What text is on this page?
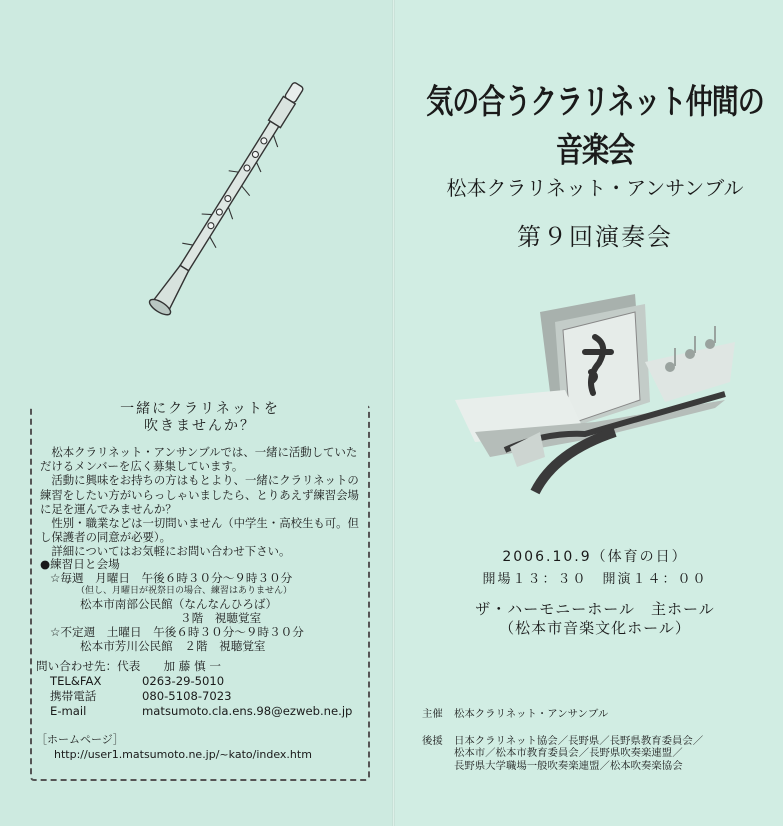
一緒にクラリネットを
吹きませんか？

松本クラリネット・アンサンブルでは、一緒に活動していただけるメンバーを広く募集しています。

活動に興味をお持ちの方はもとより、一緒にクラリネットの練習をしたい方がいらっしゃいましたら、とりあえず練習会場に足を運んでみませんか？

性別・職業などは一切問いません（中学生・高校生も可。但し保護者の同意が必要）。

詳細についてはお気軽にお問い合わせ下さい。

●練習日と会場
☆毎週　月曜日　午後６時３０分～９時３０分
（但し、月曜日が祝祭日の場合、練習はありません）
松本市南部公民館（なんなんひろば）
３階　視聴覚室
☆不定週　土曜日　午後６時３０分～９時３０分
松本市芳川公民館　２階　視聴覚室
問い合わせ先：代表　　加 藤 慎 一
TEL&FAX	0263-29-5010
携帯電話	080-5108-7023
E-mail	matsumoto.cla.ens.98@ezweb.ne.jp
［ホームページ］
http://user1.matsumoto.ne.jp/~kato/index.htm
気の合うクラリネット仲間の音楽会
松本クラリネット・アンサンブル
第９回演奏会
2006.10.9（体育の日）
開場１３：３０　開演１４：００
ザ・ハーモニーホール　主ホール
（松本市音楽文化ホール）
主催	松本クラリネット・アンサンブル
後援	日本クラリネット協会／長野県／長野県教育委員会／
松本市／松本市教育委員会／長野県吹奏楽連盟／
長野県大学職場一般吹奏楽連盟／松本吹奏楽協会
